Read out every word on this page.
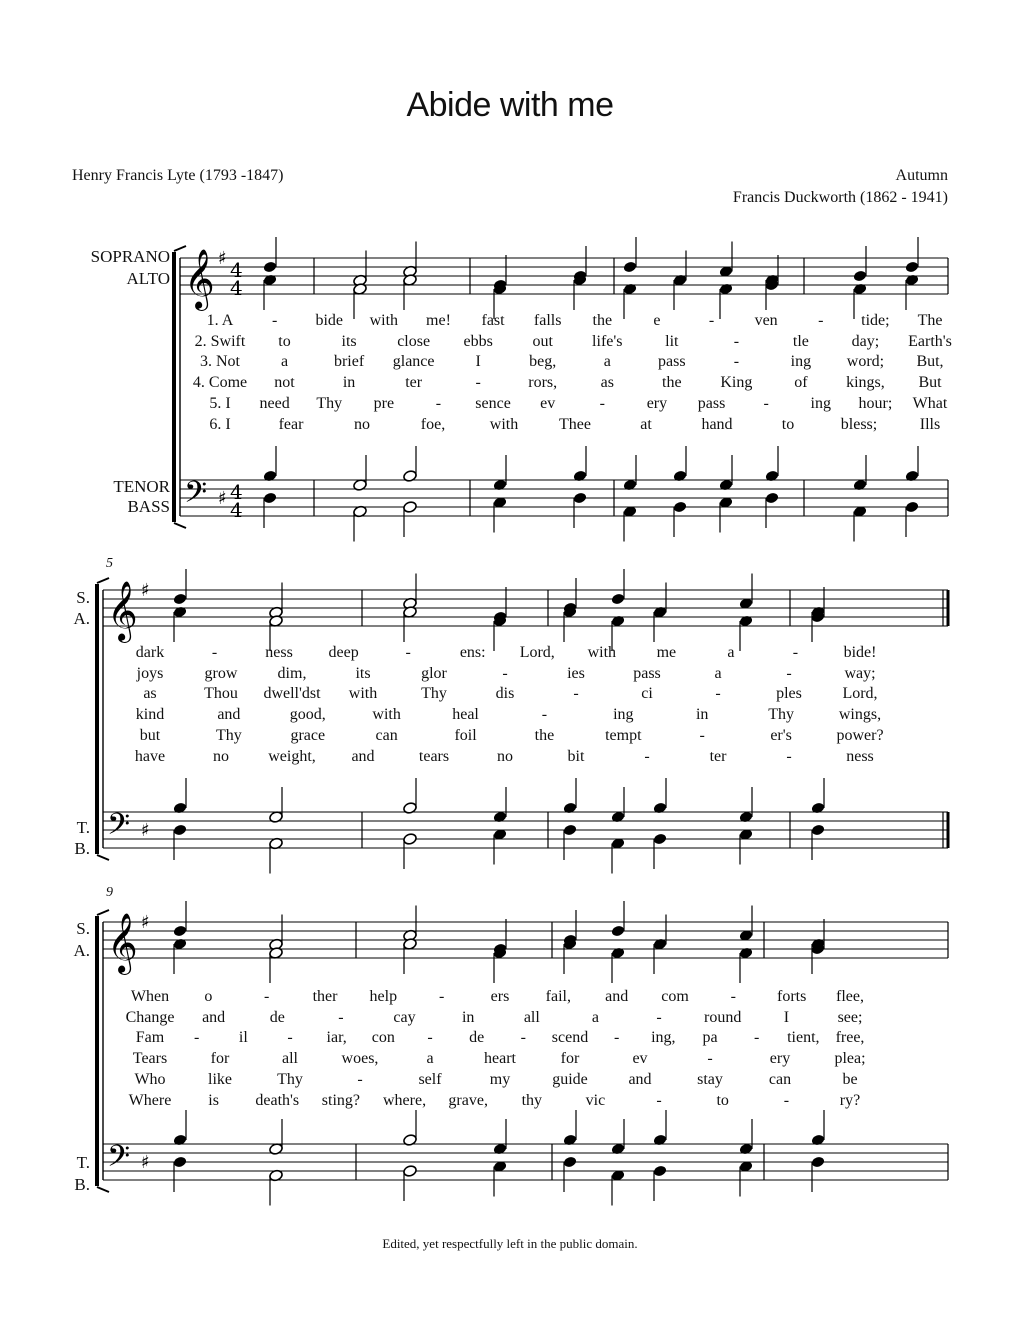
Abide with me
Henry Francis Lyte (1793 -1847)	Autumn
Francis Duckworth (1862 - 1941)
SOPRANO
ALTO
TENOR
BASS
S.
A.
T.
B.
S.
A.
T.
B.
5
9
𝄞
𝄢
♯
♯
4
4
4
4
𝄞
𝄢
♯
♯
𝄞
𝄢
♯
♯
1. A	-	bide	with	me!	fast	falls	the	e	-	ven	-	tide;	The
2. Swift	to	its	close	ebbs	out	life's	lit	-	tle	day;	Earth's
3. Not	a	brief	glance	I	beg,	a	pass	-	ing	word;	But,
4. Come	not	in	ter	-	rors,	as	the	King	of	kings,	But
5. I	need	Thy	pre	-	sence	ev	-	ery	pass	-	ing	hour;	What
6. I	fear	no	foe,	with	Thee	at	hand	to	bless;	Ills
dark	-	ness	deep	-	ens:	Lord,	with	me	a	-	bide!
joys	grow	dim,	its	glor	-	ies	pass	a	-	way;
as	Thou	dwell'dst	with	Thy	dis	-	ci	-	ples	Lord,
kind	and	good,	with	heal	-	ing	in	Thy	wings,
but	Thy	grace	can	foil	the	tempt	-	er's	power?
have	no	weight,	and	tears	no	bit	-	ter	-	ness
When	o	-	ther	help	-	ers	fail,	and	com	-	forts	flee,
Change	and	de	-	cay	in	all	a	-	round	I	see;
Fam	-	il	-	iar,	con	-	de	-	scend	-	ing,	pa	-	tient,	free,
Tears	for	all	woes,	a	heart	for	ev	-	ery	plea;
Who	like	Thy	-	self	my	guide	and	stay	can	be
Where	is	death's	sting?	where,	grave,	thy	vic	-	to	-	ry?
Edited, yet respectfully left in the public domain.
